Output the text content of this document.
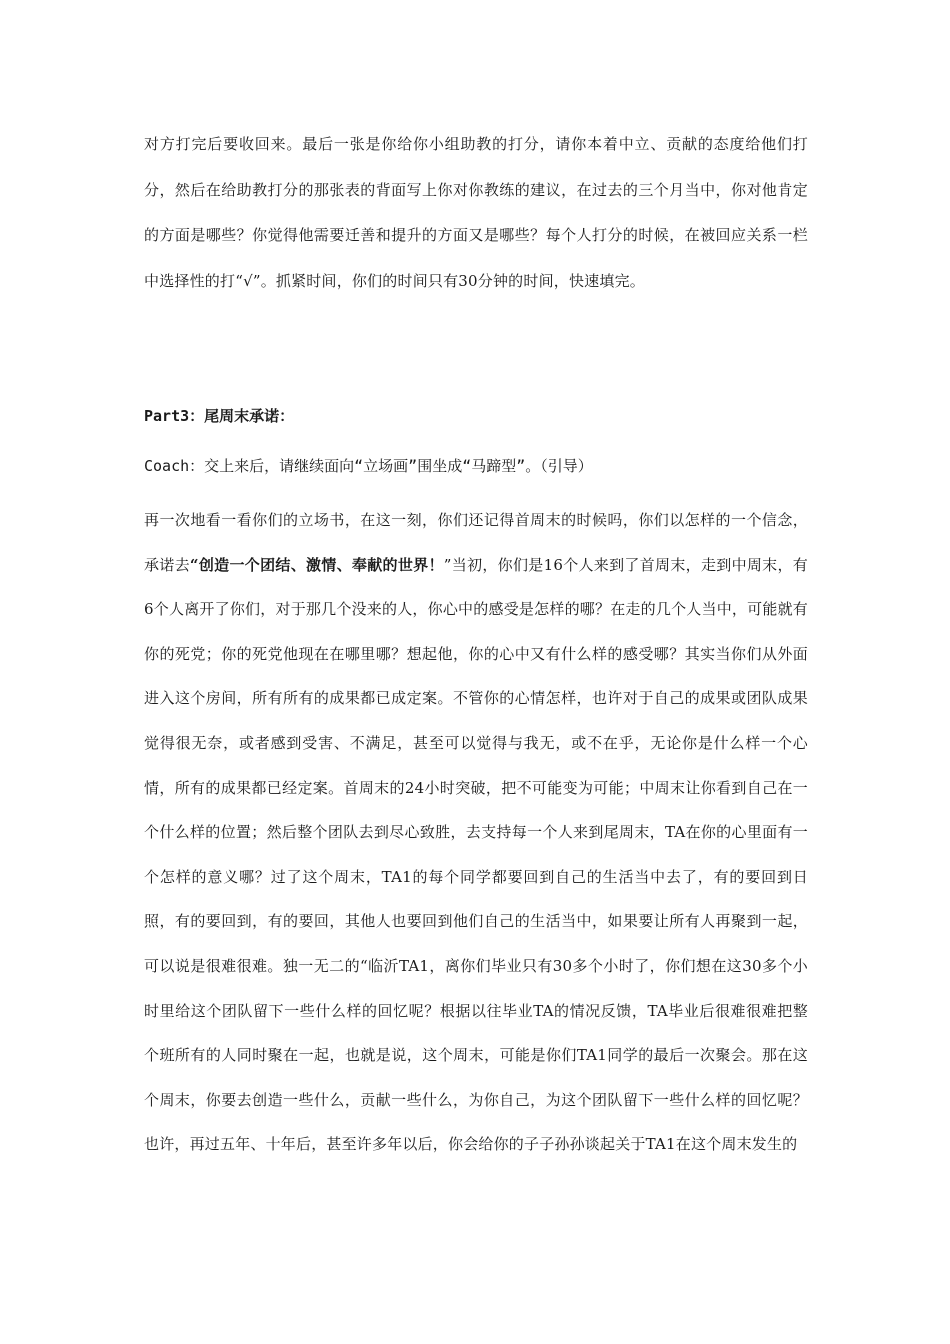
对方打完后要收回来。最后一张是你给你小组助教的打分，请你本着中立、贡献的态度给他们打分，然后在给助教打分的那张表的背面写上你对你教练的建议，在过去的三个月当中，你对他肯定的方面是哪些？你觉得他需要迁善和提升的方面又是哪些？每个人打分的时候，在被回应关系一栏中选择性的打“√”。抓紧时间，你们的时间只有30分钟的时间，快速填完。
Part3：尾周末承诺：
Coach：交上来后，请继续面向“立场画”围坐成“马蹄型”。（引导）
再一次地看一看你们的立场书，在这一刻，你们还记得首周末的时候吗，你们以怎样的一个信念，承诺去“创造一个团结、激情、奉献的世界！”当初，你们是16个人来到了首周末，走到中周末，有6个人离开了你们，对于那几个没来的人，你心中的感受是怎样的哪？在走的几个人当中，可能就有你的死党；你的死党他现在在哪里哪？想起他，你的心中又有什么样的感受哪？其实当你们从外面进入这个房间，所有所有的成果都已成定案。不管你的心情怎样，也许对于自己的成果或团队成果觉得很无奈，或者感到受害、不满足，甚至可以觉得与我无，或不在乎，无论你是什么样一个心情，所有的成果都已经定案。首周末的24小时突破，把不可能变为可能；中周末让你看到自己在一个什么样的位置；然后整个团队去到尽心致胜，去支持每一个人来到尾周末，TA在你的心里面有一个怎样的意义哪？过了这个周末，TA1的每个同学都要回到自己的生活当中去了，有的要回到日照，有的要回到，有的要回，其他人也要回到他们自己的生活当中，如果要让所有人再聚到一起，可以说是很难很难。独一无二的“临沂TA1，离你们毕业只有30多个小时了，你们想在这30多个小时里给这个团队留下一些什么样的回忆呢？根据以往毕业TA的情况反馈，TA毕业后很难很难把整个班所有的人同时聚在一起，也就是说，这个周末，可能是你们TA1同学的最后一次聚会。那在这个周末，你要去创造一些什么，贡献一些什么，为你自己，为这个团队留下一些什么样的回忆呢？也许，再过五年、十年后，甚至许多年以后，你会给你的子子孙孙谈起关于TA1在这个周末发生的
